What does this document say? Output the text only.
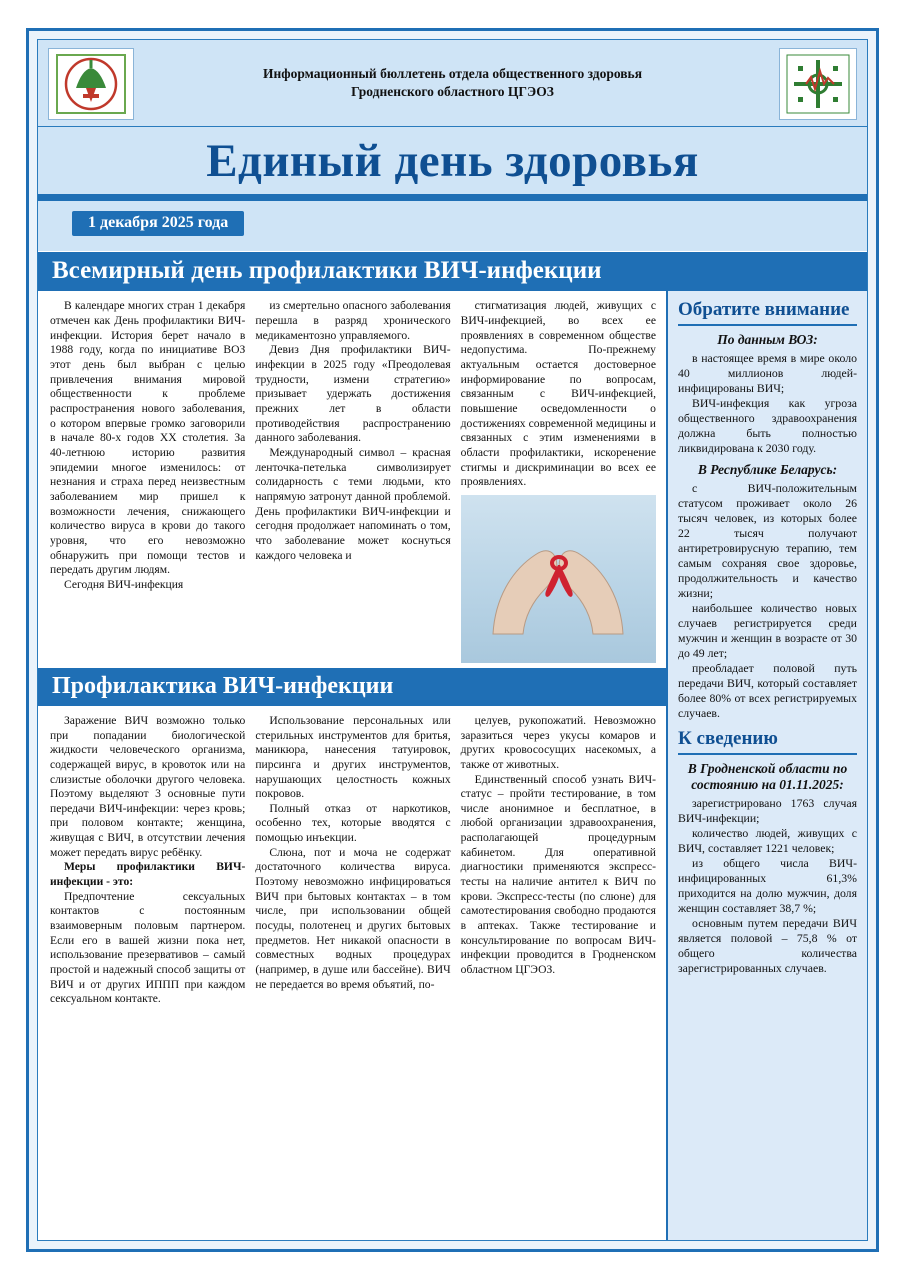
Информационный бюллетень отдела общественного здоровья
Гродненского областного ЦГЭОЗ
Единый день здоровья
1 декабря 2025 года
Всемирный день профилактики ВИЧ-инфекции

В календаре многих стран 1 декабря отмечен как День профилактики ВИЧ-инфекции. История берет начало в 1988 году, когда по инициативе ВОЗ этот день был выбран с целью привлечения внимания мировой общественности к проблеме распространения нового заболевания, о котором впервые громко заговорили в начале 80-х годов XX столетия. За 40-летнюю историю развития эпидемии многое изменилось: от незнания и страха перед неизвестным заболеванием мир пришел к возможности лечения, снижающего количество вируса в крови до такого уровня, что его невозможно обнаружить при помощи тестов и передать другим людям.

Сегодня ВИЧ-инфекция

из смертельно опасного заболевания перешла в разряд хронического медикаментозно управляемого.

Девиз Дня профилактики ВИЧ-инфекции в 2025 году «Преодолевая трудности, измени стратегию» призывает удержать достижения прежних лет в области противодействия распространению данного заболевания.

Международный символ – красная ленточка-петелька символизирует солидарность с теми людьми, кто напрямую затронут данной проблемой. День профилактики ВИЧ-инфекции и сегодня продолжает напоминать о том, что заболевание может коснуться каждого человека и

стигматизация людей, живущих с ВИЧ-инфекцией, во всех ее проявлениях в современном обществе недопустима. По-прежнему актуальным остается достоверное информирование по вопросам, связанным с ВИЧ-инфекцией, повышение осведомленности о достижениях современной медицины и связанных с этим изменениями в области профилактики, искоренение стигмы и дискриминации во всех ее проявлениях.

Профилактика ВИЧ-инфекции

Заражение ВИЧ возможно только при попадании биологической жидкости человеческого организма, содержащей вирус, в кровоток или на слизистые оболочки другого человека. Поэтому выделяют 3 основные пути передачи ВИЧ-инфекции: через кровь; при половом контакте; женщина, живущая с ВИЧ, в отсутствии лечения может передать вирус ребёнку.

Меры профилактики ВИЧ-инфекции - это:

Предпочтение сексуальных контактов с постоянным взаимоверным половым партнером. Если его в вашей жизни пока нет, использование презервативов – самый простой и надежный способ защиты от ВИЧ и от других ИППП при каждом сексуальном контакте.

Использование персональных или стерильных инструментов для бритья, маникюра, нанесения татуировок, пирсинга и других инструментов, нарушающих целостность кожных покровов.

Полный отказ от наркотиков, особенно тех, которые вводятся с помощью инъекции.

Слюна, пот и моча не содержат достаточного количества вируса. Поэтому невозможно инфицироваться ВИЧ при бытовых контактах – в том числе, при использовании общей посуды, полотенец и других бытовых предметов. Нет никакой опасности в совместных водных процедурах (например, в душе или бассейне). ВИЧ не передается во время объятий, по-

целуев, рукопожатий. Невозможно заразиться через укусы комаров и других кровососущих насекомых, а также от животных.

Единственный способ узнать ВИЧ-статус – пройти тестирование, в том числе анонимное и бесплатное, в любой организации здравоохранения, располагающей процедурным кабинетом. Для оперативной диагностики применяются экспресс-тесты на наличие антител к ВИЧ по крови. Экспресс-тесты (по слюне) для самотестирования свободно продаются в аптеках. Также тестирование и консультирование по вопросам ВИЧ-инфекции проводится в Гродненском областном ЦГЭОЗ.

Обратите внимание
По данным ВОЗ:

в настоящее время в мире около 40 миллионов людей-инфицированы ВИЧ;

ВИЧ-инфекция как угроза общественного здравоохранения должна быть полностью ликвидирована к 2030 году.

В Республике Беларусь:

с ВИЧ-положительным статусом проживает около 26 тысяч человек, из которых более 22 тысяч получают антиретровирусную терапию, тем самым сохраняя свое здоровье, продолжительность и качество жизни;

наибольшее количество новых случаев регистрируется среди мужчин и женщин в возрасте от 30 до 49 лет;

преобладает половой путь передачи ВИЧ, который составляет более 80% от всех регистрируемых случаев.

К сведению
В Гродненской области по состоянию на 01.11.2025:

зарегистрировано 1763 случая ВИЧ-инфекции;

количество людей, живущих с ВИЧ, составляет 1221 человек;

из общего числа ВИЧ-инфицированных 61,3% приходится на долю мужчин, доля женщин составляет 38,7 %;

основным путем передачи ВИЧ является половой – 75,8 % от общего количества зарегистрированных случаев.
